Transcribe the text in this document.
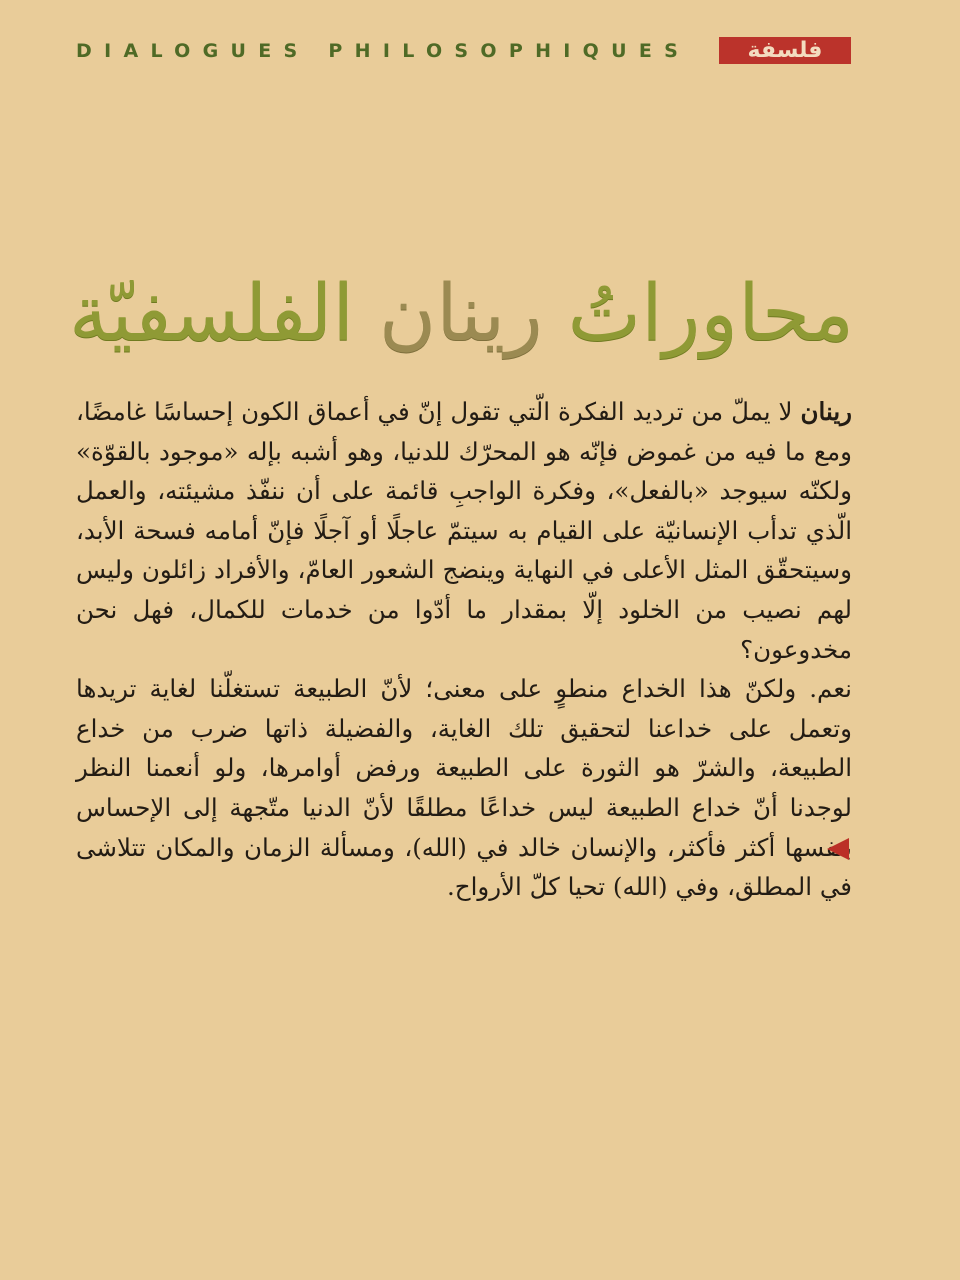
DIALOGUES PHILOSOPHIQUES	فلسفة
محاوراتُ رينان الفلسفيّة

رينان لا يملّ من ترديد الفكرة الّتي تقول إنّ في أعماق الكون إحساسًا غامضًا، ومع ما فيه من غموض فإنّه هو المحرّك للدنيا، وهو أشبه بإله «موجود بالقوّة» ولكنّه سيوجد «بالفعل»، وفكرة الواجبِ قائمة على أن ننفّذ مشيئته، والعمل الّذي تدأب الإنسانيّة على القيام به سيتمّ عاجلًا أو آجلًا فإنّ أمامه فسحة الأبد، وسيتحقّق المثل الأعلى في النهاية وينضج الشعور العامّ، والأفراد زائلون وليس لهم نصيب من الخلود إلّا بمقدار ما أدّوا من خدمات للكمال، فهل نحن مخدوعون؟

نعم. ولكنّ هذا الخداع منطوٍ على معنى؛ لأنّ الطبيعة تستغلّنا لغاية تريدها وتعمل على خداعنا لتحقيق تلك الغاية، والفضيلة ذاتها ضرب من خداع الطبيعة، والشرّ هو الثورة على الطبيعة ورفض أوامرها، ولو أنعمنا النظر لوجدنا أنّ خداع الطبيعة ليس خداعًا مطلقًا لأنّ الدنيا متّجهة إلى الإحساس بنفسها أكثر فأكثر، والإنسان خالد في (الله)، ومسألة الزمان والمكان تتلاشى في المطلق، وفي (الله) تحيا كلّ الأرواح.
